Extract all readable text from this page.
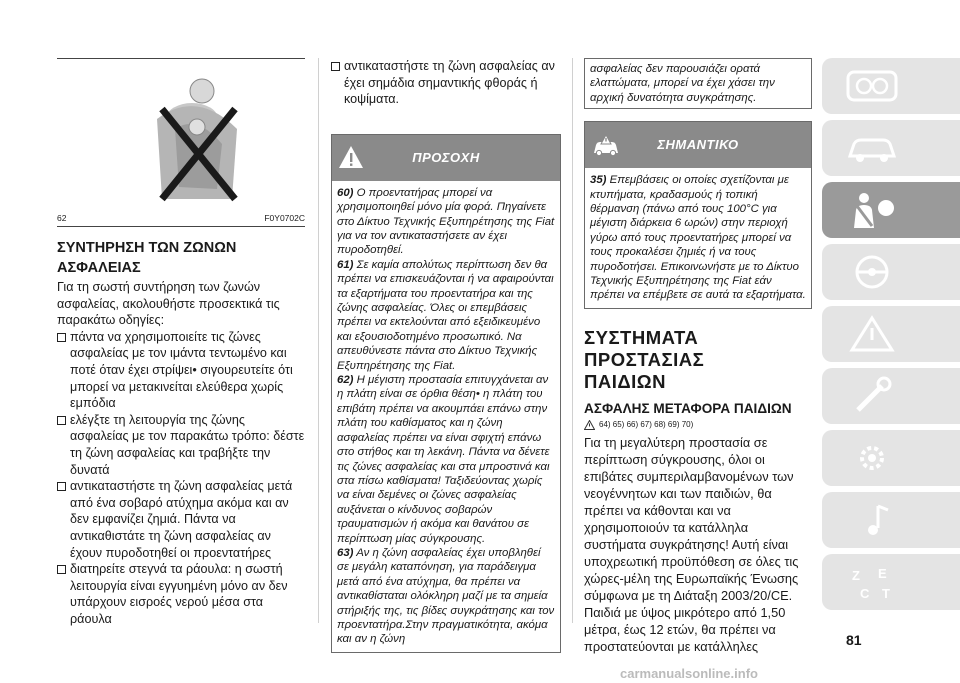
62	F0Y0702C

ΣΥΝΤΗΡΗΣΗ ΤΩΝ ΖΩΝΩΝ

ΑΣΦΑΛΕΙΑΣ

Για τη σωστή συντήρηση των ζωνών ασφαλείας, ακολουθήστε προσεκτικά τις παρακάτω οδηγίες:

πάντα να χρησιμοποιείτε τις ζώνες ασφαλείας με τον ιμάντα τεντωμένο και ποτέ όταν έχει στρίψει• σιγουρευτείτε ότι μπορεί να μετακινείται ελεύθερα χωρίς εμπόδια
ελέγξτε τη λειτουργία της ζώνης ασφαλείας με τον παρακάτω τρόπο: δέστε τη ζώνη ασφαλείας και τραβήξτε την δυνατά
αντικαταστήστε τη ζώνη ασφαλείας μετά από ένα σοβαρό ατύχημα ακόμα και αν δεν εμφανίζει ζημιά. Πάντα να αντικαθιστάτε τη ζώνη ασφαλείας αν έχουν πυροδοτηθεί οι προεντατήρες
διατηρείτε στεγνά τα ράουλα: η σωστή λειτουργία είναι εγγυημένη μόνο αν δεν υπάρχουν εισροές νερού μέσα στα ράουλα
αντικαταστήστε τη ζώνη ασφαλείας αν έχει σημάδια σημαντικής φθοράς ή κοψίματα.
ΠΡΟΣΟΧΗ
60) Ο προεντατήρας μπορεί να χρησιμοποιηθεί μόνο μία φορά. Πηγαίνετε στο Δίκτυο Τεχνικής Εξυπηρέτησης της Fiat για να τον αντικαταστήσετε αν έχει πυροδοτηθεί.
61) Σε καμία απολύτως περίπτωση δεν θα πρέπει να επισκευάζονται ή να αφαιρούνται τα εξαρτήματα του προεντατήρα και της ζώνης ασφαλείας. Όλες οι επεμβάσεις πρέπει να εκτελούνται από εξειδικευμένο και εξουσιοδοτημένο προσωπικό. Να απευθύνεστε πάντα στο Δίκτυο Τεχνικής Εξυπηρέτησης της Fiat.
62) Η μέγιστη προστασία επιτυγχάνεται αν η πλάτη είναι σε όρθια θέση• η πλάτη του επιβάτη πρέπει να ακουμπάει επάνω στην πλάτη του καθίσματος και η ζώνη ασφαλείας πρέπει να είναι σφιχτή επάνω στο στήθος και τη λεκάνη. Πάντα να δένετε τις ζώνες ασφαλείας και στα μπροστινά και στα πίσω καθίσματα! Ταξιδεύοντας χωρίς να είναι δεμένες οι ζώνες ασφαλείας αυξάνεται ο κίνδυνος σοβαρών τραυματισμών ή ακόμα και θανάτου σε περίπτωση μίας σύγκρουσης.
63) Αν η ζώνη ασφαλείας έχει υποβληθεί σε μεγάλη καταπόνηση, για παράδειγμα μετά από ένα ατύχημα, θα πρέπει να αντικαθίσταται ολόκληρη μαζί με τα σημεία στήριξής της, τις βίδες συγκράτησης και τον προεντατήρα.Στην πραγματικότητα, ακόμα και αν η ζώνη
ασφαλείας δεν παρουσιάζει ορατά ελαττώματα, μπορεί να έχει χάσει την αρχική δυνατότητα συγκράτησης.
ΣΗΜΑΝΤΙΚΟ
35) Επεμβάσεις οι οποίες σχετίζονται με κτυπήματα, κραδασμούς ή τοπική θέρμανση (πάνω από τους 100°C για μέγιστη διάρκεια 6 ωρών) στην περιοχή γύρω από τους προεντατήρες μπορεί να τους προκαλέσει ζημιές ή να τους πυροδοτήσει. Επικοινωνήστε με το Δίκτυο Τεχνικής Εξυπηρέτησης της Fiat εάν πρέπει να επέμβετε σε αυτά τα εξαρτήματα.
ΣΥΣΤΗΜΑΤΑ ΠΡΟΣΤΑΣΙΑΣ
ΠΑΙΔΙΩΝ
ΑΣΦΑΛΗΣ ΜΕΤΑΦΟΡΑ ΠΑΙΔΙΩΝ
64) 65) 66) 67) 68) 69) 70)

Για τη μεγαλύτερη προστασία σε περίπτωση σύγκρουσης, όλοι οι επιβάτες συμπεριλαμβανομένων των νεογέννητων και των παιδιών, θα πρέπει να κάθονται και να χρησιμοποιούν τα κατάλληλα συστήματα συγκράτησης! Αυτή είναι υποχρεωτική προϋπόθεση σε όλες τις χώρες-μέλη της Ευρωπαϊκής Ένωσης σύμφωνα με τη Διάταξη 2003/20/CE. Παιδιά με ύψος μικρότερο από 1,50 μέτρα, έως 12 ετών, θα πρέπει να προστατεύονται με κατάλληλες

Z E
C T
81
carmanualsonline.info
